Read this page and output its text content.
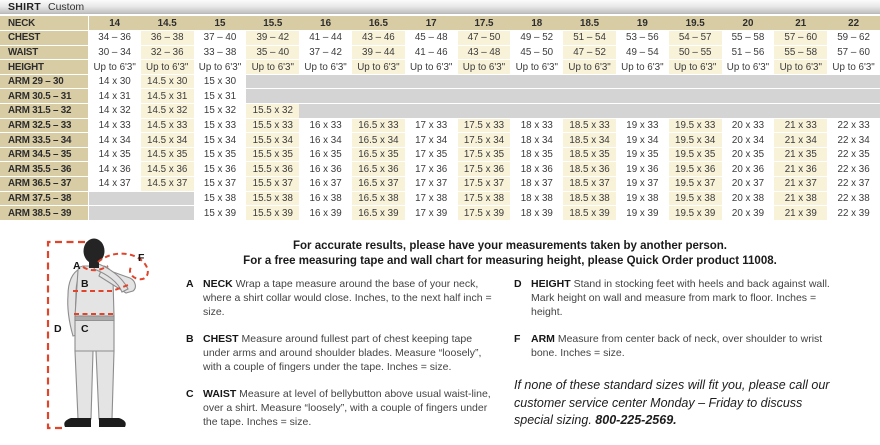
SHIRT Custom
NECK	14	14.5	15	15.5	16	16.5	17	17.5	18	18.5	19	19.5	20	21	22
CHEST	34 – 36	36 – 38	37 – 40	39 – 42	41 – 44	43 – 46	45 – 48	47 – 50	49 – 52	51 – 54	53 – 56	54 – 57	55 – 58	57 – 60	59 – 62
WAIST	30 – 34	32 – 36	33 – 38	35 – 40	37 – 42	39 – 44	41 – 46	43 – 48	45 – 50	47 – 52	49 – 54	50 – 55	51 – 56	55 – 58	57 – 60
HEIGHT	Up to 6'3"	Up to 6'3"	Up to 6'3"	Up to 6'3"	Up to 6'3"	Up to 6'3"	Up to 6'3"	Up to 6'3"	Up to 6'3"	Up to 6'3"	Up to 6'3"	Up to 6'3"	Up to 6'3"	Up to 6'3"	Up to 6'3"
ARM 29 – 30	14 x 30	14.5 x 30	15 x 30												
ARM 30.5 – 31	14 x 31	14.5 x 31	15 x 31												
ARM 31.5 – 32	14 x 32	14.5 x 32	15 x 32	15.5 x 32											
ARM 32.5 – 33	14 x 33	14.5 x 33	15 x 33	15.5 x 33	16 x 33	16.5 x 33	17 x 33	17.5 x 33	18 x 33	18.5 x 33	19 x 33	19.5 x 33	20 x 33	21 x 33	22 x 33
ARM 33.5 – 34	14 x 34	14.5 x 34	15 x 34	15.5 x 34	16 x 34	16.5 x 34	17 x 34	17.5 x 34	18 x 34	18.5 x 34	19 x 34	19.5 x 34	20 x 34	21 x 34	22 x 34
ARM 34.5 – 35	14 x 35	14.5 x 35	15 x 35	15.5 x 35	16 x 35	16.5 x 35	17 x 35	17.5 x 35	18 x 35	18.5 x 35	19 x 35	19.5 x 35	20 x 35	21 x 35	22 x 35
ARM 35.5 – 36	14 x 36	14.5 x 36	15 x 36	15.5 x 36	16 x 36	16.5 x 36	17 x 36	17.5 x 36	18 x 36	18.5 x 36	19 x 36	19.5 x 36	20 x 36	21 x 36	22 x 36
ARM 36.5 – 37	14 x 37	14.5 x 37	15 x 37	15.5 x 37	16 x 37	16.5 x 37	17 x 37	17.5 x 37	18 x 37	18.5 x 37	19 x 37	19.5 x 37	20 x 37	21 x 37	22 x 37
ARM 37.5 – 38			15 x 38	15.5 x 38	16 x 38	16.5 x 38	17 x 38	17.5 x 38	18 x 38	18.5 x 38	19 x 38	19.5 x 38	20 x 38	21 x 38	22 x 38
ARM 38.5 – 39			15 x 39	15.5 x 39	16 x 39	16.5 x 39	17 x 39	17.5 x 39	18 x 39	18.5 x 39	19 x 39	19.5 x 39	20 x 39	21 x 39	22 x 39
A
B
C
D
F
For accurate results, please have your measurements taken by another person.
For a free measuring tape and wall chart for measuring height, please Quick Order product 11008.
A NECK Wrap a tape measure around the base of your neck, where a shirt collar would close. Inches, to the next half inch = size.

B CHEST Measure around fullest part of chest keeping tape under arms and around shoulder blades. Measure “loosely”, with a couple of fingers under the tape. Inches = size.

C WAIST Measure at level of bellybutton above usual waist-line, over a shirt. Measure “loosely”, with a couple of fingers under the tape. Inches = size.

D HEIGHT Stand in stocking feet with heels and back against wall. Mark height on wall and measure from mark to floor. Inches = height.

F	ARM Measure from center back of neck, over shoulder to wrist bone. Inches = size.

If none of these standard sizes will fit you, please call our customer service center Monday – Friday to discuss special sizing. 800-225-2569.
